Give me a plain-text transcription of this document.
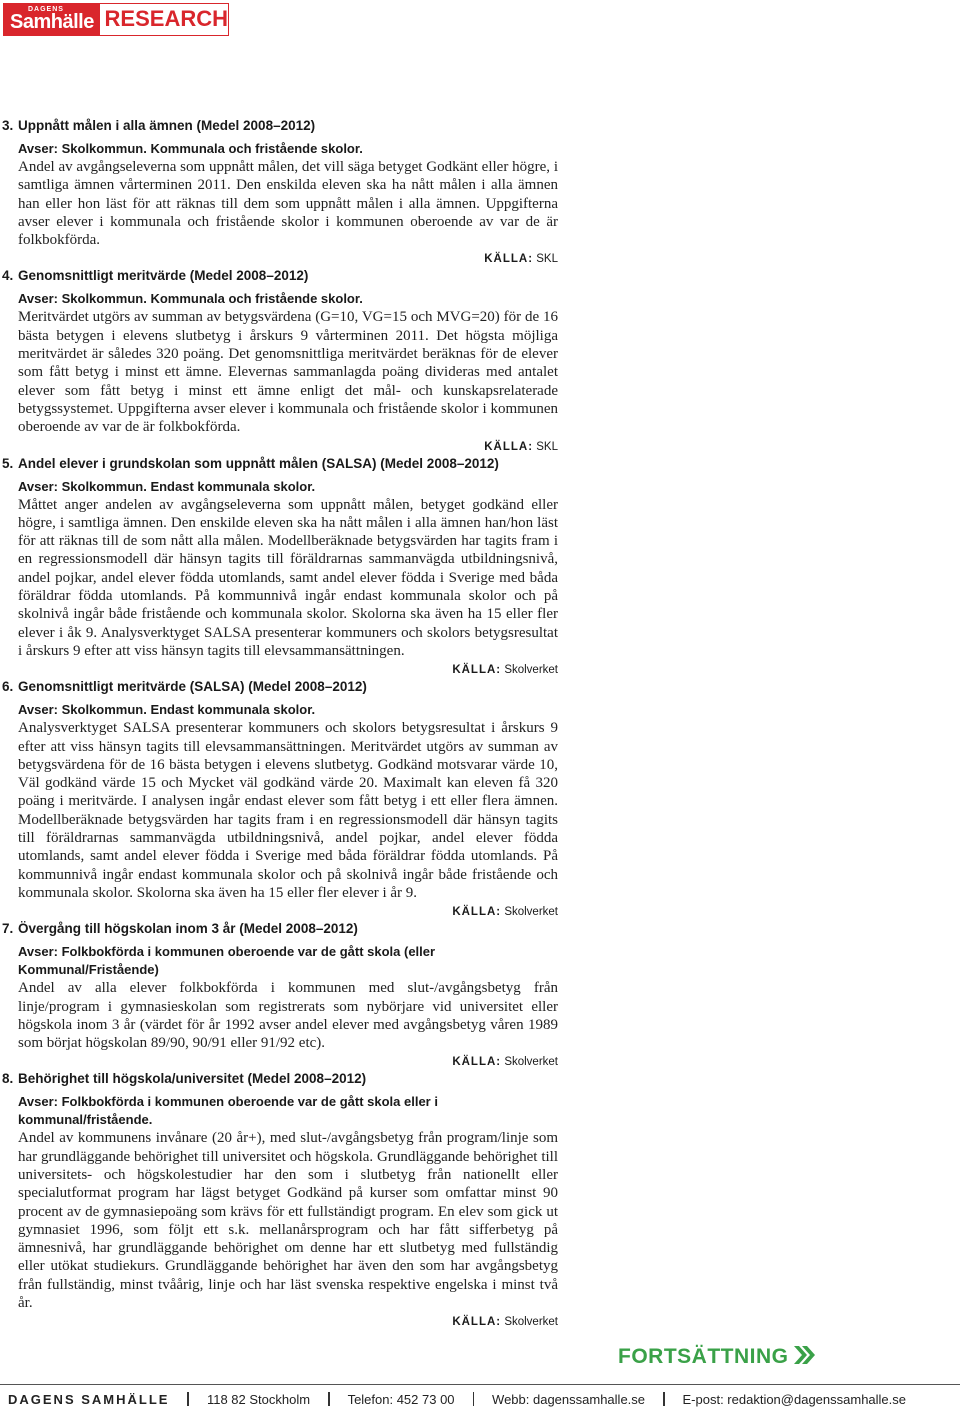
DAGENS
Samhälle RESEARCH
3. Uppnått målen i alla ämnen (Medel 2008–2012)
Avser: Skolkommun. Kommunala och fristående skolor.
Andel av avgångseleverna som uppnått målen, det vill säga betyget Godkänt eller högre, i samtliga ämnen vårterminen 2011. Den enskilda eleven ska ha nått målen i alla ämnen han eller hon läst för att räknas till dem som uppnått målen i alla ämnen. Uppgifterna avser elever i kommunala och fristående skolor i kommunen oberoende av var de är folkbokförda.
KÄLLA: SKL
4. Genomsnittligt meritvärde (Medel 2008–2012)
Avser: Skolkommun. Kommunala och fristående skolor.
Meritvärdet utgörs av summan av betygsvärdena (G=10, VG=15 och MVG=20) för de 16 bästa betygen i elevens slutbetyg i årskurs 9 vårterminen 2011. Det högsta möjliga meritvärdet är således 320 poäng. Det genomsnittliga meritvärdet beräknas för de elever som fått betyg i minst ett ämne. Elevernas sammanlagda poäng divideras med antalet elever som fått betyg i minst ett ämne enligt det mål- och kunskapsrelaterade betygssystemet. Uppgifterna avser elever i kommunala och fristående skolor i kommunen oberoende av var de är folkbokförda.
KÄLLA: SKL
5. Andel elever i grundskolan som uppnått målen (SALSA) (Medel 2008–2012)
Avser: Skolkommun. Endast kommunala skolor.
Måttet anger andelen av avgångseleverna som uppnått målen, betyget godkänd eller högre, i samtliga ämnen. Den enskilde eleven ska ha nått målen i alla ämnen han/hon läst för att räknas till de som nått alla målen. Modellberäknade betygsvärden har tagits fram i en regressionsmodell där hänsyn tagits till föräldrarnas sammanvägda utbildningsnivå, andel pojkar, andel elever födda utomlands, samt andel elever födda i Sverige med båda föräldrar födda utomlands. På kommunnivå ingår endast kommunala skolor och på skolnivå ingår både fristående och kommunala skolor. Skolorna ska även ha 15 eller fler elever i åk 9. Analysverktyget SALSA presenterar kommuners och skolors betygsresultat i årskurs 9 efter att viss hänsyn tagits till elevsammansättningen.
KÄLLA: Skolverket
6. Genomsnittligt meritvärde (SALSA) (Medel 2008–2012)
Avser: Skolkommun. Endast kommunala skolor.
Analysverktyget SALSA presenterar kommuners och skolors betygsresultat i årskurs 9 efter att viss hänsyn tagits till elevsammansättningen. Meritvärdet utgörs av summan av betygsvärdena för de 16 bästa betygen i elevens slutbetyg. Godkänd motsvarar värde 10, Väl godkänd värde 15 och Mycket väl godkänd värde 20. Maximalt kan eleven få 320 poäng i meritvärde. I analysen ingår endast elever som fått betyg i ett eller flera ämnen. Modellberäknade betygsvärden har tagits fram i en regressionsmodell där hänsyn tagits till föräldrarnas sammanvägda utbildningsnivå, andel pojkar, andel elever födda utomlands, samt andel elever födda i Sverige med båda föräldrar födda utomlands. På kommunnivå ingår endast kommunala skolor och på skolnivå ingår både fristående och kommunala skolor. Skolorna ska även ha 15 eller fler elever i år 9.
KÄLLA: Skolverket
7. Övergång till högskolan inom 3 år (Medel 2008–2012)
Avser: Folkbokförda i kommunen oberoende var de gått skola (eller Kommunal/Fristående)
Andel av alla elever folkbokförda i kommunen med slut-/avgångsbetyg från linje/program i gymnasieskolan som registrerats som nybörjare vid universitet eller högskola inom 3 år (värdet för år 1992 avser andel elever med avgångsbetyg våren 1989 som börjat högskolan 89/90, 90/91 eller 91/92 etc).
KÄLLA: Skolverket
8. Behörighet till högskola/universitet (Medel 2008–2012)
Avser: Folkbokförda i kommunen oberoende var de gått skola eller i kommunal/fristående.
Andel av kommunens invånare (20 år+), med slut-/avgångsbetyg från program/linje som har grundläggande behörighet till universitet och högskola. Grundläggande behörighet till universitets- och högskolestudier har den som i slutbetyg från nationellt eller specialutformat program har lägst betyget Godkänd på kurser som omfattar minst 90 procent av de gymnasiepoäng som krävs för ett fullständigt program. En elev som gick ut gymnasiet 1996, som följt ett s.k. mellanårsprogram och har fått sifferbetyg på ämnesnivå, har grundläggande behörighet om denne har ett slutbetyg med fullständig eller utökat studiekurs. Grundläggande behörighet har även den som har avgångsbetyg från fullständig, minst tvåårig, linje och har läst svenska respektive engelska i minst två år.
KÄLLA: Skolverket
FORTSÄTTNING
DAGENS SAMHÄLLE	118 82 Stockholm	Telefon: 452 73 00	Webb: dagenssamhalle.se	E-post: redaktion@dagenssamhalle.se
